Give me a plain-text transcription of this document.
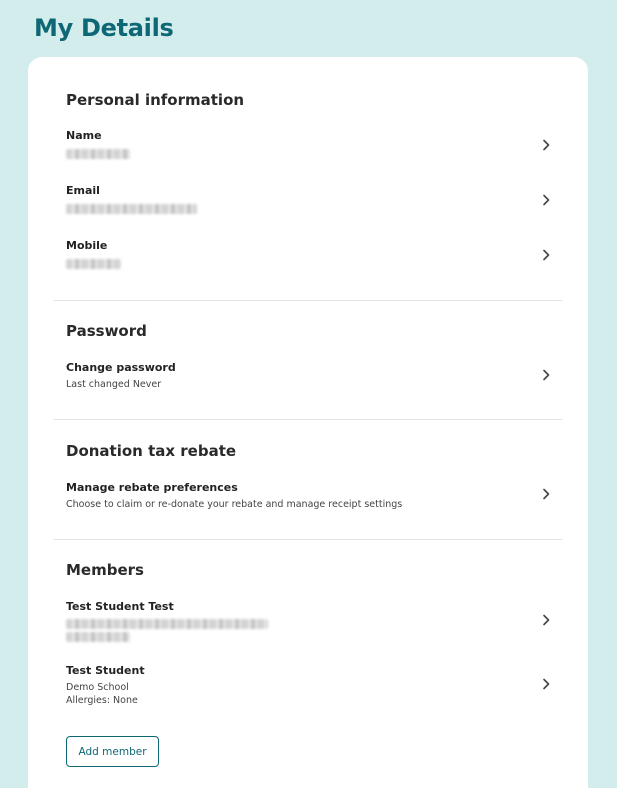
My Details
Personal information
Name
Email
Mobile
Password
Change password
Last changed Never
Donation tax rebate
Manage rebate preferences
Choose to claim or re-donate your rebate and manage receipt settings
Members
Test Student Test
Test Student
Demo School
Allergies: None
Add member
